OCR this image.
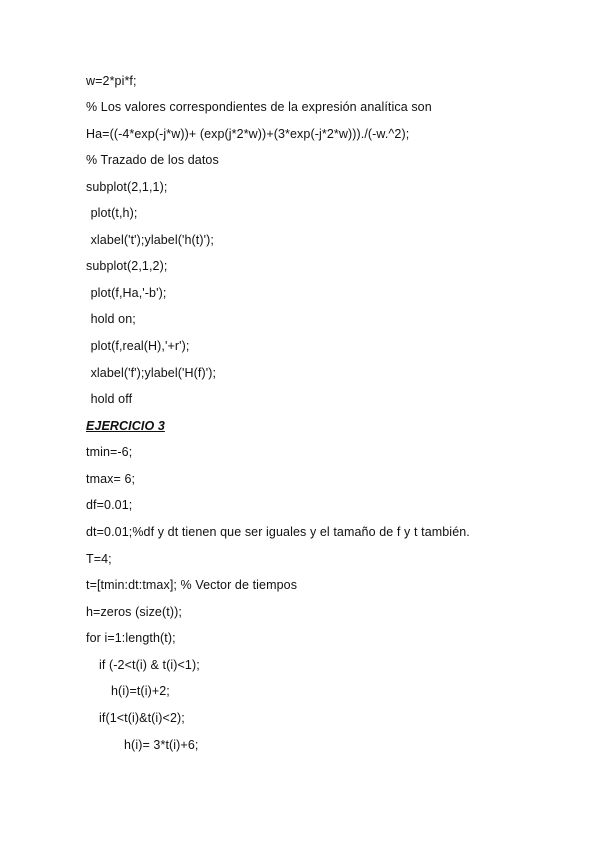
w=2*pi*f;
% Los valores correspondientes de la expresión analítica son
Ha=((-4*exp(-j*w))+ (exp(j*2*w))+(3*exp(-j*2*w)))./(-w.^2);
% Trazado de los datos
subplot(2,1,1);
plot(t,h);
xlabel('t');ylabel('h(t)');
subplot(2,1,2);
plot(f,Ha,'-b');
hold on;
plot(f,real(H),'+r');
xlabel('f');ylabel('H(f)');
hold off
EJERCICIO 3
tmin=-6;
tmax= 6;
df=0.01;
dt=0.01;%df y dt tienen que ser iguales y el tamaño de f y t también.
T=4;
t=[tmin:dt:tmax]; % Vector de tiempos
h=zeros (size(t));
for i=1:length(t);
if (-2<t(i) & t(i)<1);
h(i)=t(i)+2;
if(1<t(i)&t(i)<2);
h(i)= 3*t(i)+6;
